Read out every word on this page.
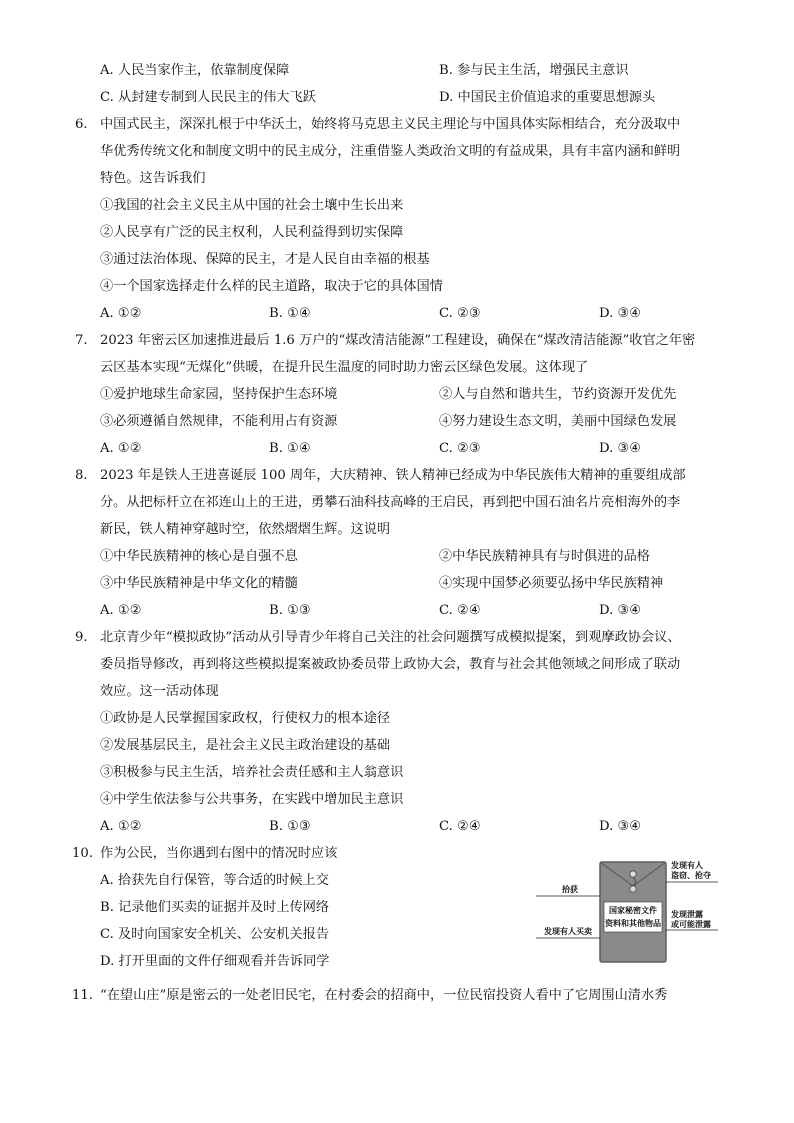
A. 人民当家作主，依靠制度保障	B. 参与民主生活，增强民主意识
C. 从封建专制到人民民主的伟大飞跃	D. 中国民主价值追求的重要思想源头
6. 中国式民主，深深扎根于中华沃土，始终将马克思主义民主理论与中国具体实际相结合，充分汲取中
华优秀传统文化和制度文明中的民主成分，注重借鉴人类政治文明的有益成果，具有丰富内涵和鲜明
特色。这告诉我们
①我国的社会主义民主从中国的社会土壤中生长出来
②人民享有广泛的民主权利，人民利益得到切实保障
③通过法治体现、保障的民主，才是人民自由幸福的根基
④一个国家选择走什么样的民主道路，取决于它的具体国情
A. ①②	B. ①④	C. ②③	D. ③④
7. 2023 年密云区加速推进最后 1.6 万户的“煤改清洁能源”工程建设，确保在“煤改清洁能源”收官之年密
云区基本实现“无煤化”供暖，在提升民生温度的同时助力密云区绿色发展。这体现了
①爱护地球生命家园，坚持保护生态环境	②人与自然和谐共生，节约资源开发优先
③必须遵循自然规律，不能利用占有资源	④努力建设生态文明，美丽中国绿色发展
A. ①②	B. ①④	C. ②③	D. ③④
8. 2023 年是铁人王进喜诞辰 100 周年，大庆精神、铁人精神已经成为中华民族伟大精神的重要组成部
分。从把标杆立在祁连山上的王进，勇攀石油科技高峰的王启民，再到把中国石油名片亮相海外的李
新民，铁人精神穿越时空，依然熠熠生辉。这说明
①中华民族精神的核心是自强不息	②中华民族精神具有与时俱进的品格
③中华民族精神是中华文化的精髓	④实现中国梦必须要弘扬中华民族精神
A. ①②	B. ①③	C. ②④	D. ③④
9. 北京青少年“模拟政协”活动从引导青少年将自己关注的社会问题撰写成模拟提案，到观摩政协会议、
委员指导修改，再到将这些模拟提案被政协委员带上政协大会，教育与社会其他领域之间形成了联动
效应。这一活动体现
①政协是人民掌握国家政权，行使权力的根本途径
②发展基层民主，是社会主义民主政治建设的基础
③积极参与民主生活，培养社会责任感和主人翁意识
④中学生依法参与公共事务，在实践中增加民主意识
A. ①②	B. ①③	C. ②④	D. ③④
10. 作为公民，当你遇到右图中的情况时应该
A. 拾获先自行保管，等合适的时候上交
B. 记录他们买卖的证据并及时上传网络
C. 及时向国家安全机关、公安机关报告
D. 打开里面的文件仔细观看并告诉同学
国家秘密文件
资料和其他物品
拾获
发现有人
盗窃、抢夺
发现有人买卖
发现泄露
或可能泄露
11. “在望山庄”原是密云的一处老旧民宅，在村委会的招商中，一位民宿投资人看中了它周围山清水秀
